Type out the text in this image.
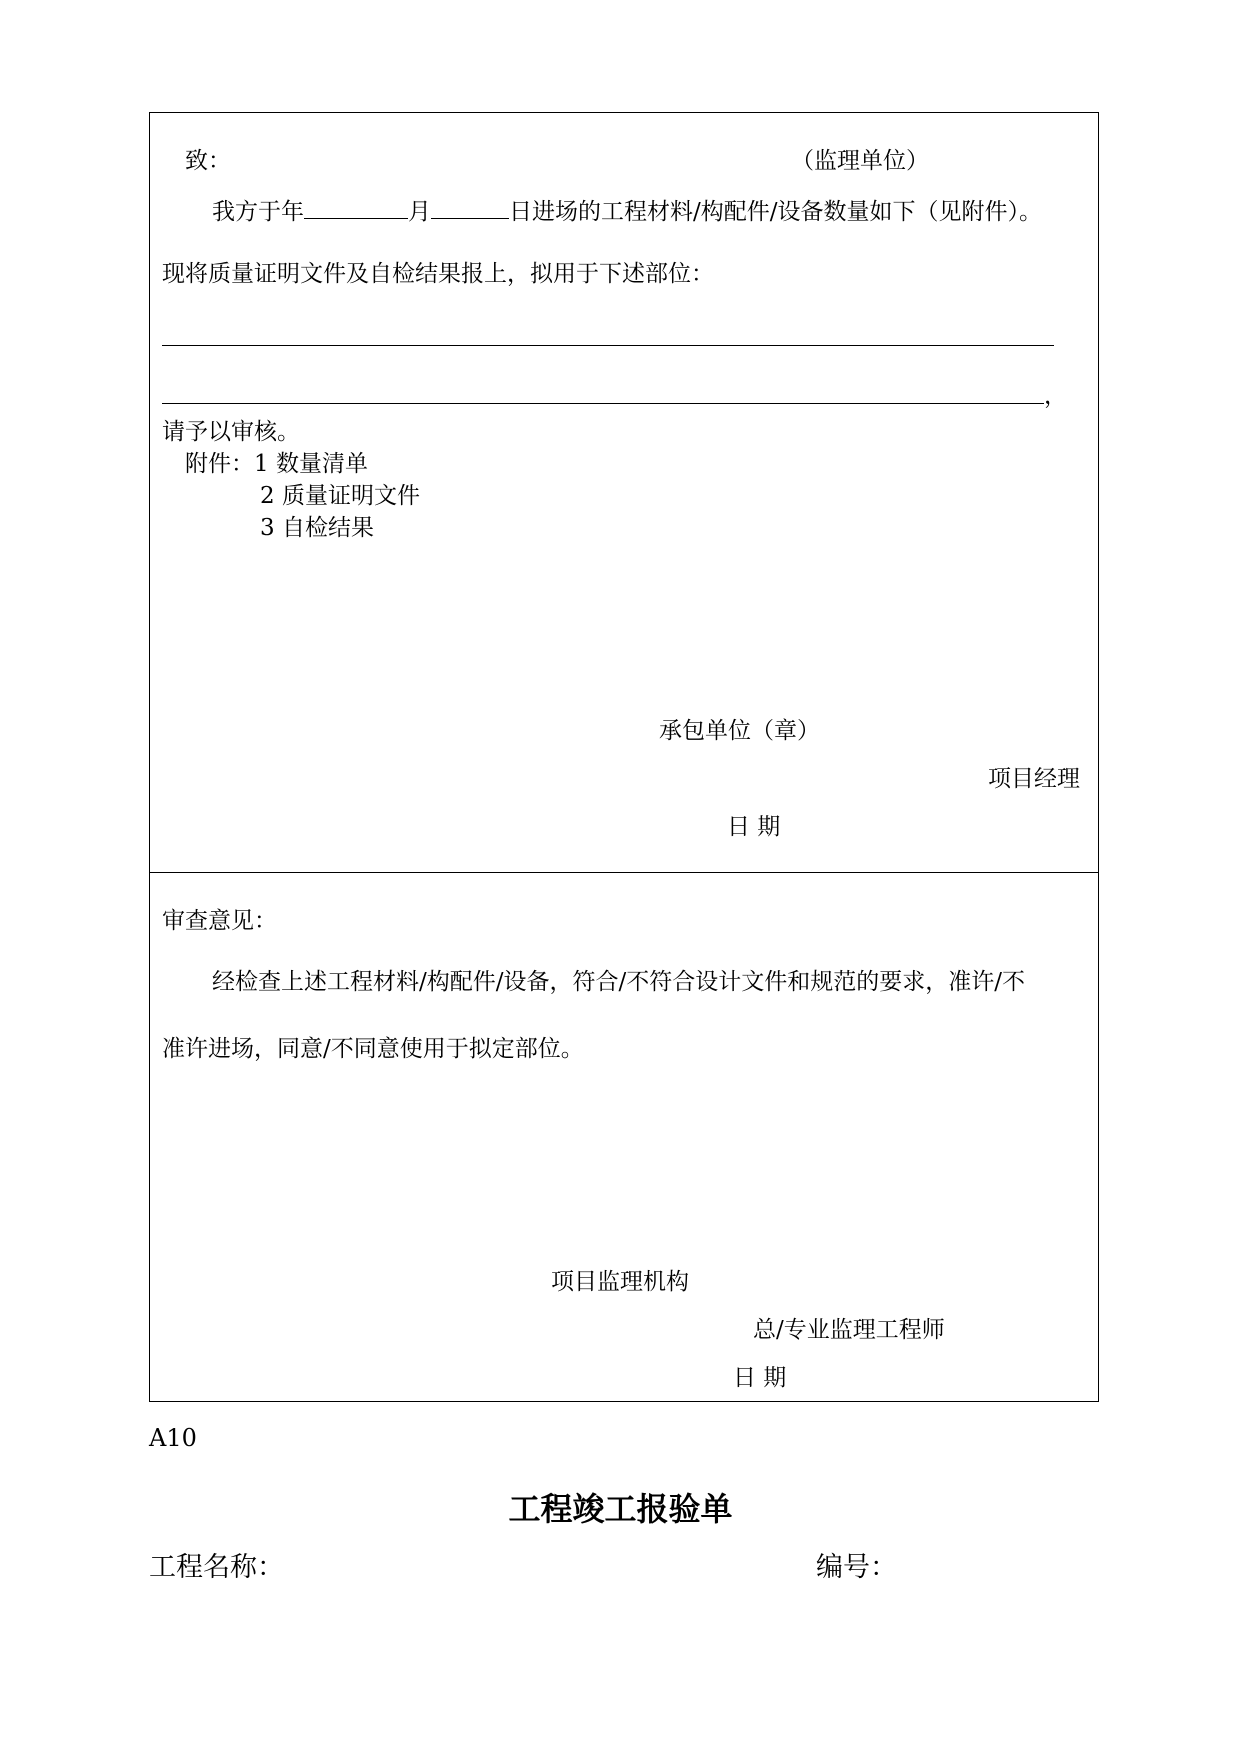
致：	（监理单位）
我方于年	月	日进场的工程材料/构配件/设备数量如下（见附件）。
现将质量证明文件及自检结果报上，拟用于下述部位：
，
请予以审核。
附件：1 数量清单
2 质量证明文件
3 自检结果
承包单位（章）
项目经理
日 期
审查意见：
经检查上述工程材料/构配件/设备，符合/不符合设计文件和规范的要求，准许/不
准许进场，同意/不同意使用于拟定部位。
项目监理机构
总/专业监理工程师
日 期
A10
工程竣工报验单
工程名称：	编号：
